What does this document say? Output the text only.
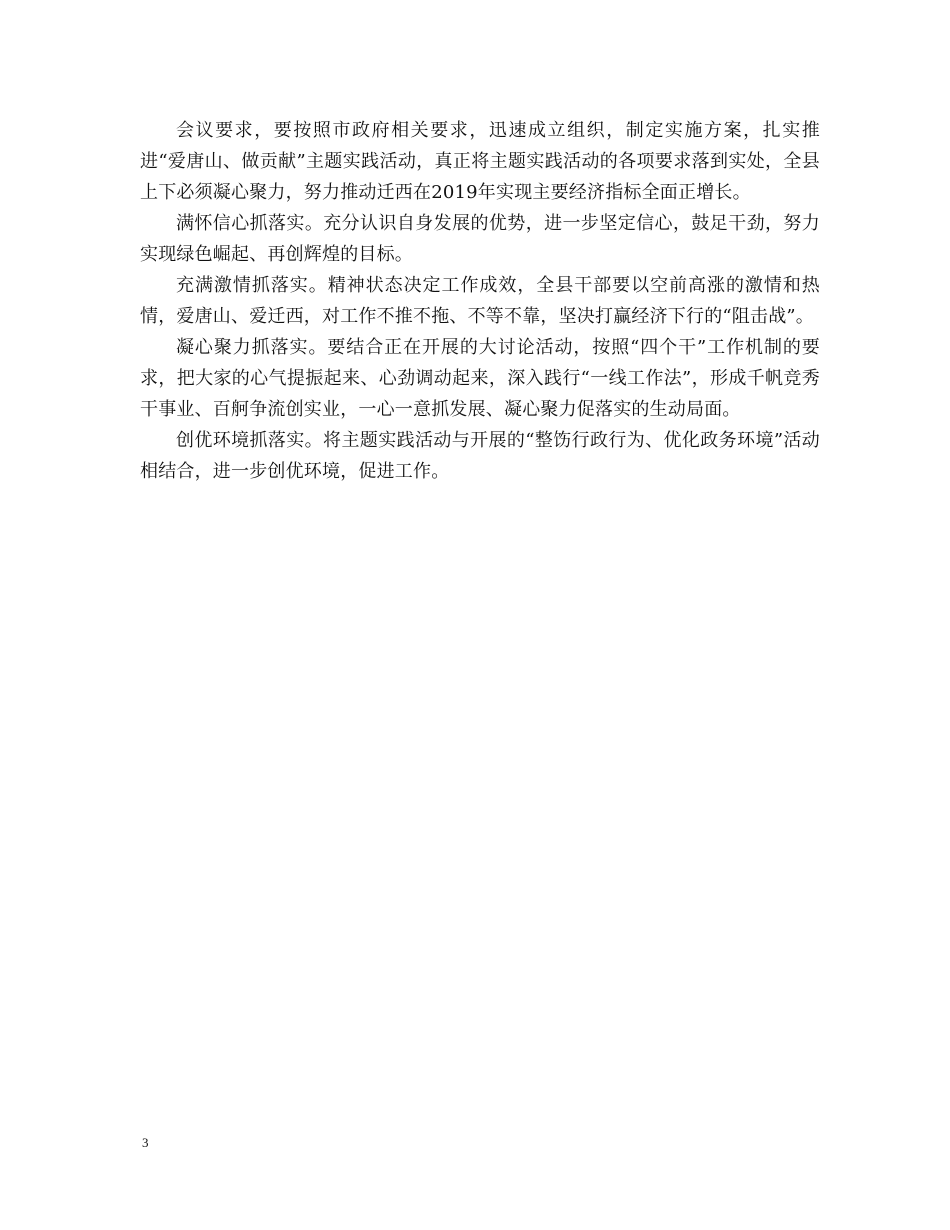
会议要求，要按照市政府相关要求，迅速成立组织，制定实施方案，扎实推进“爱唐山、做贡献”主题实践活动，真正将主题实践活动的各项要求落到实处，全县上下必须凝心聚力，努力推动迁西在2019年实现主要经济指标全面正增长。

满怀信心抓落实。充分认识自身发展的优势，进一步坚定信心，鼓足干劲，努力实现绿色崛起、再创辉煌的目标。

充满激情抓落实。精神状态决定工作成效，全县干部要以空前高涨的激情和热情，爱唐山、爱迁西，对工作不推不拖、不等不靠，坚决打赢经济下行的“阻击战”。

凝心聚力抓落实。要结合正在开展的大讨论活动，按照“四个干”工作机制的要求，把大家的心气提振起来、心劲调动起来，深入践行“一线工作法”，形成千帆竞秀干事业、百舸争流创实业，一心一意抓发展、凝心聚力促落实的生动局面。

创优环境抓落实。将主题实践活动与开展的“整饬行政行为、优化政务环境”活动相结合，进一步创优环境，促进工作。

3
